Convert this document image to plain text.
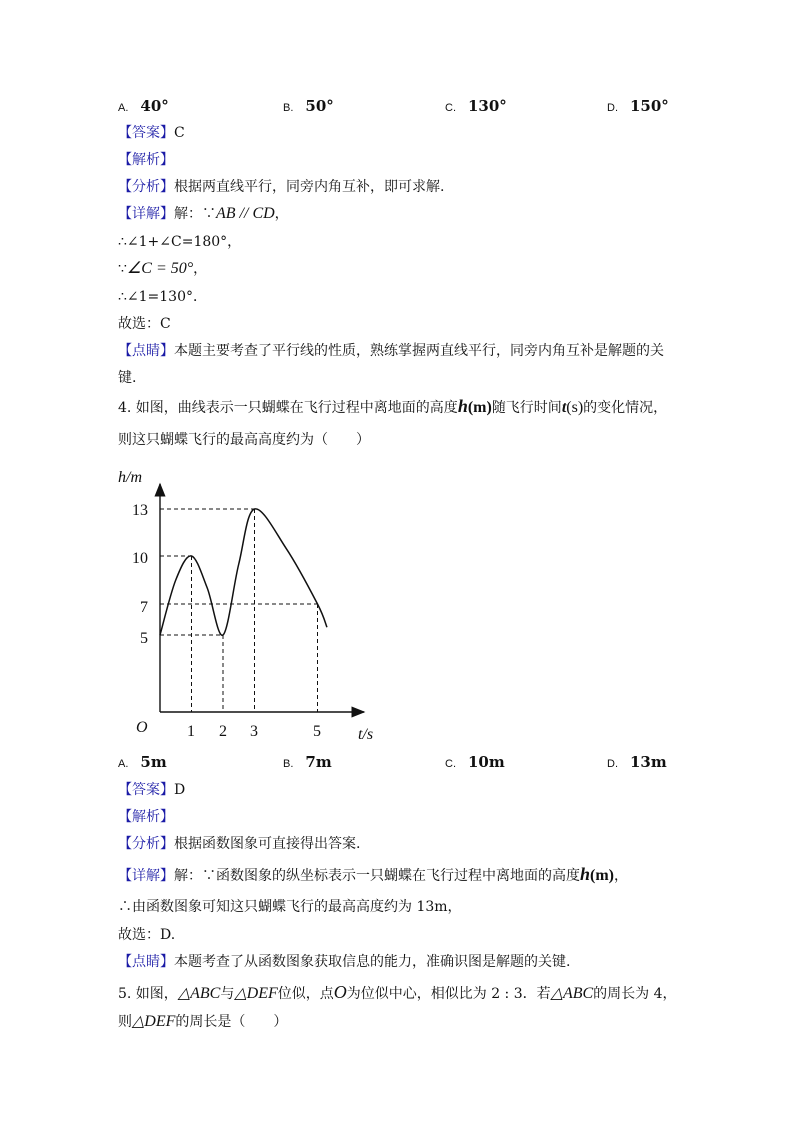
A. 40°	B. 50°	C. 130°	D. 150°
【答案】C
【解析】
【分析】根据两直线平行，同旁内角互补，即可求解.
【详解】解：∵AB // CD，
∴∠1+∠C=180°，
∵∠C = 50°，
∴∠1=130°．
故选：C
【点睛】本题主要考查了平行线的性质，熟练掌握两直线平行，同旁内角互补是解题的关
键.
4. 如图，曲线表示一只蝴蝶在飞行过程中离地面的高度h(m)随飞行时间t(s)的变化情况，
则这只蝴蝶飞行的最高高度约为（　　）
h/m
t/s
O
13
10
7
5
1 2 3	5
A. 5m	B. 7m	C. 10m	D. 13m
【答案】D
【解析】
【分析】根据函数图象可直接得出答案.
【详解】解：∵函数图象的纵坐标表示一只蝴蝶在飞行过程中离地面的高度h(m)，
∴由函数图象可知这只蝴蝶飞行的最高高度约为 13m，
故选：D.
【点睛】本题考查了从函数图象获取信息的能力，准确识图是解题的关键.
5. 如图，△ABC与△DEF位似，点O为位似中心，相似比为 2 : 3．若△ABC的周长为 4，
则△DEF的周长是（　　）
